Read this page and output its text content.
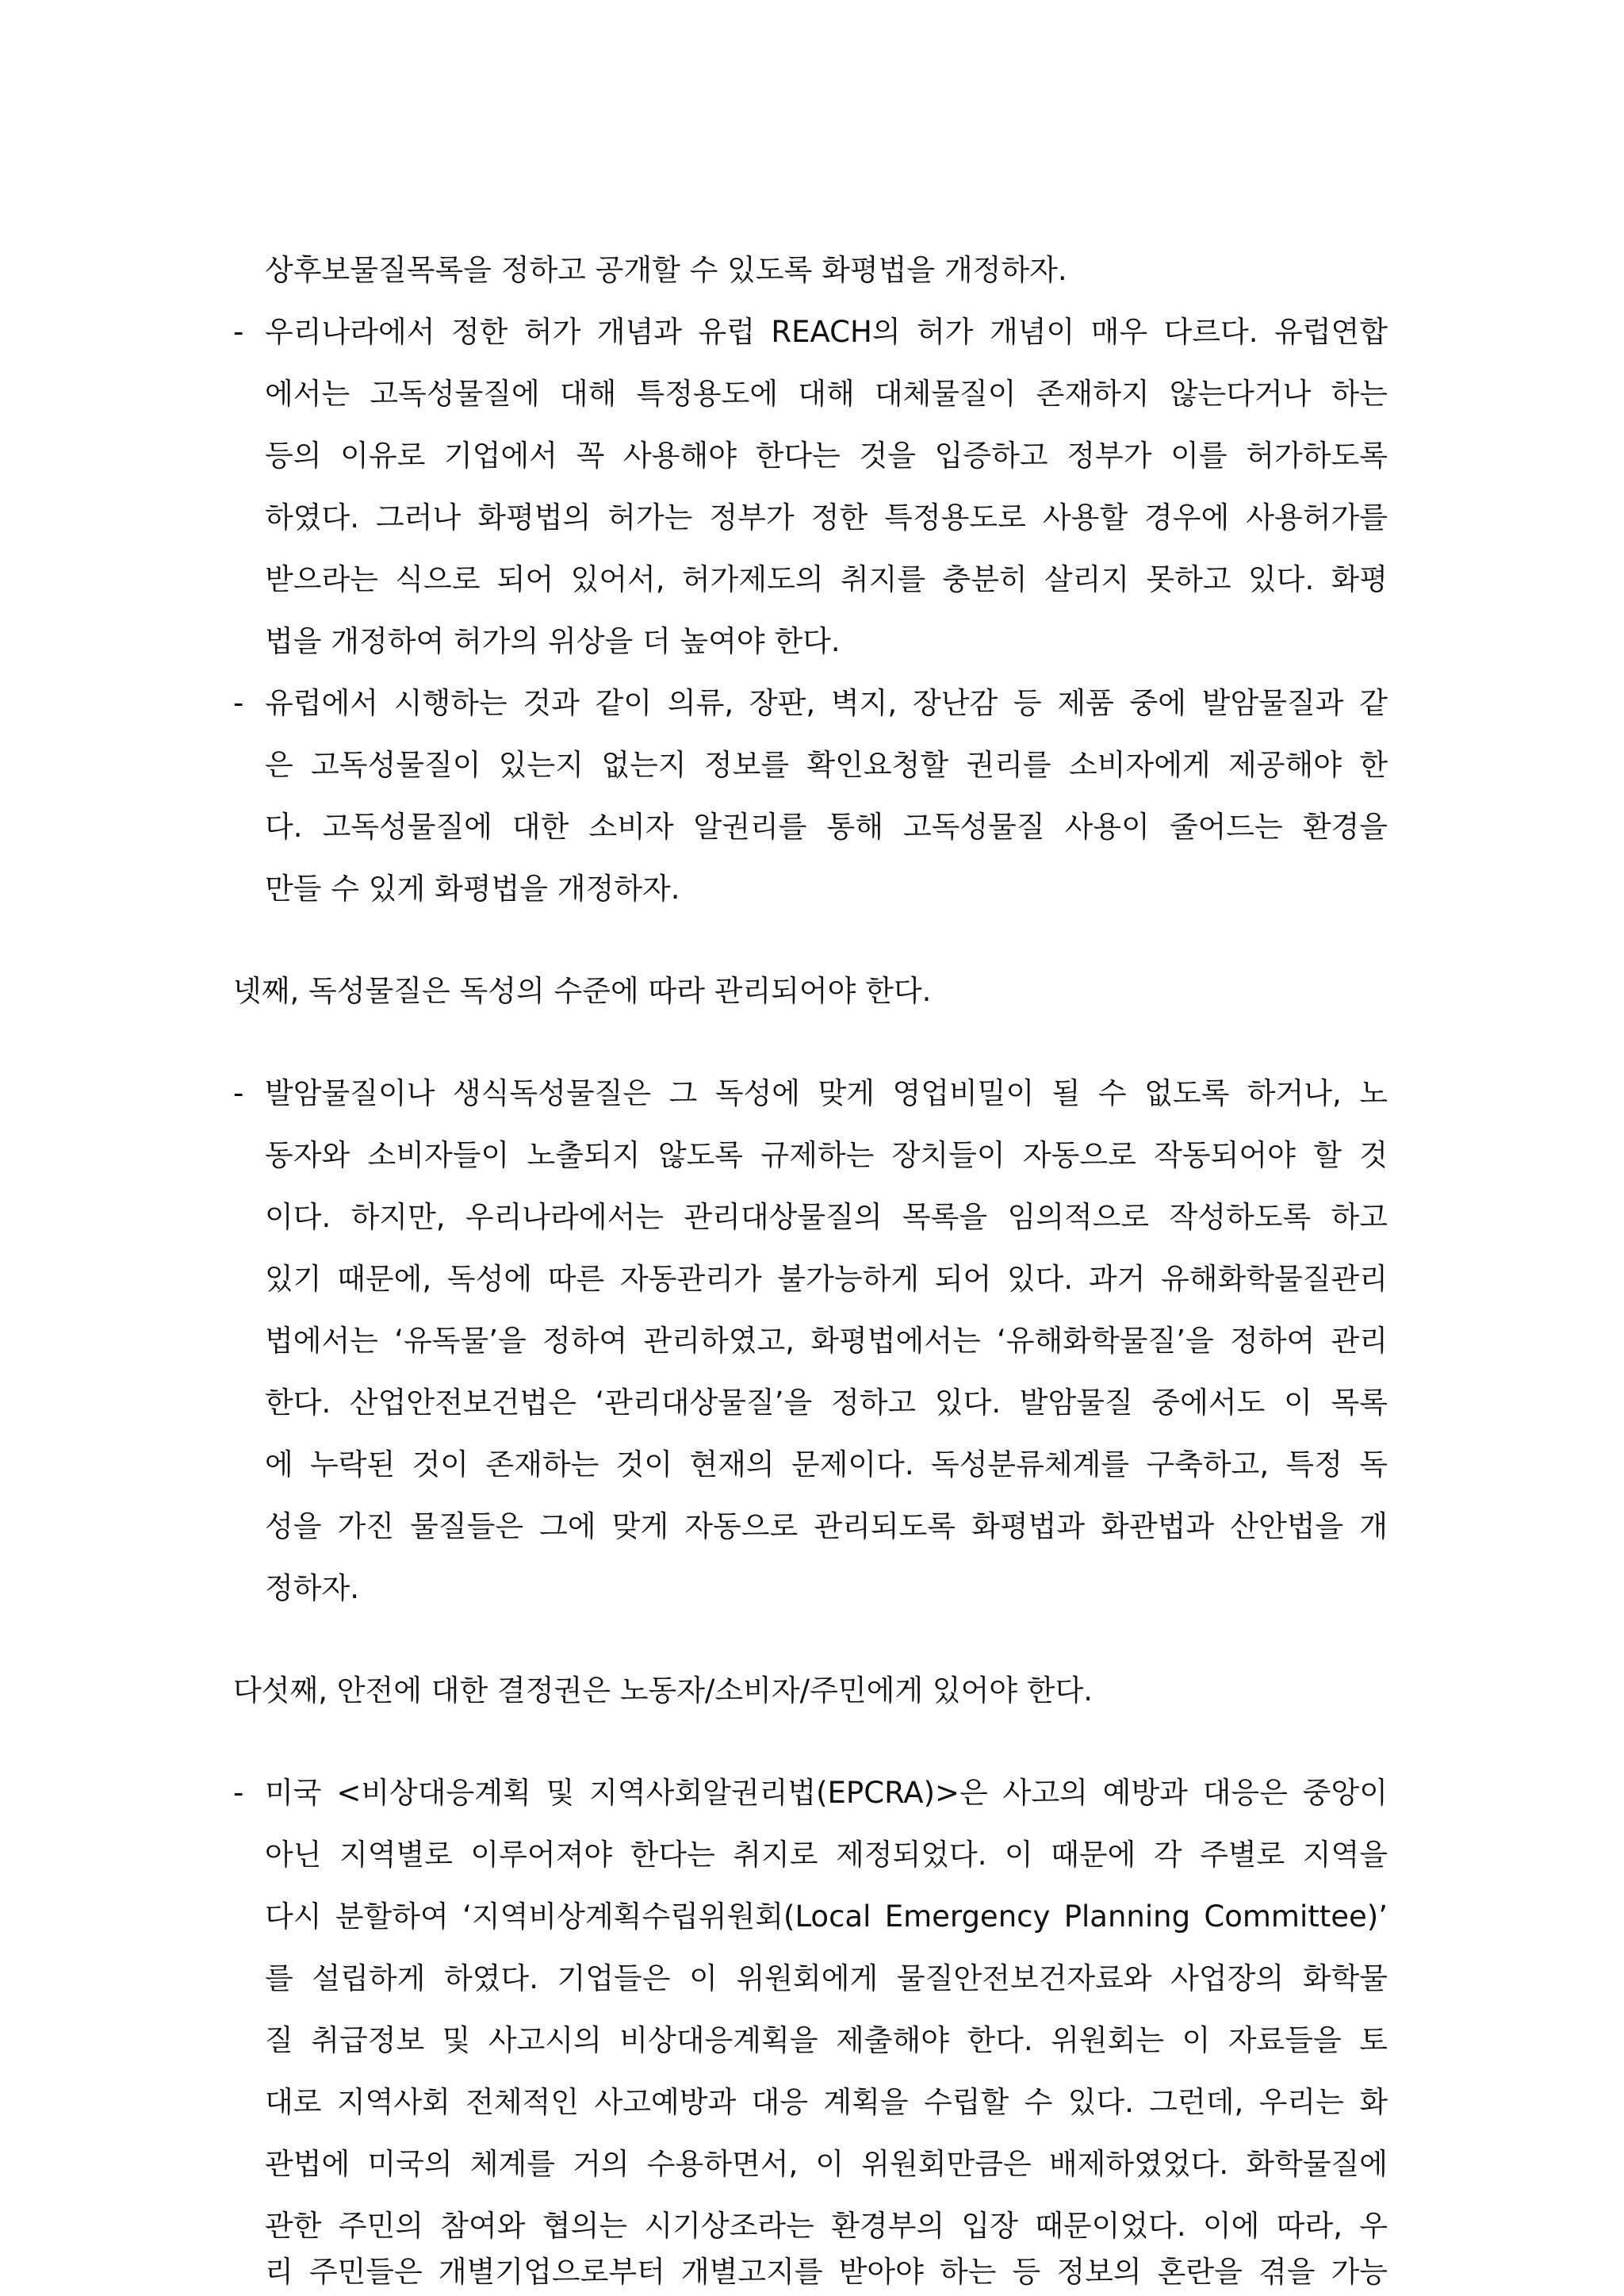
상후보물질목록을 정하고 공개할 수 있도록 화평법을 개정하자.
- 우리나라에서 정한 허가 개념과 유럽 REACH의 허가 개념이 매우 다르다. 유럽연합
에서는 고독성물질에 대해 특정용도에 대해 대체물질이 존재하지 않는다거나 하는
등의 이유로 기업에서 꼭 사용해야 한다는 것을 입증하고 정부가 이를 허가하도록
하였다. 그러나 화평법의 허가는 정부가 정한 특정용도로 사용할 경우에 사용허가를
받으라는 식으로 되어 있어서, 허가제도의 취지를 충분히 살리지 못하고 있다. 화평
법을 개정하여 허가의 위상을 더 높여야 한다.
- 유럽에서 시행하는 것과 같이 의류, 장판, 벽지, 장난감 등 제품 중에 발암물질과 같
은 고독성물질이 있는지 없는지 정보를 확인요청할 권리를 소비자에게 제공해야 한
다. 고독성물질에 대한 소비자 알권리를 통해 고독성물질 사용이 줄어드는 환경을
만들 수 있게 화평법을 개정하자.
넷째, 독성물질은 독성의 수준에 따라 관리되어야 한다.
- 발암물질이나 생식독성물질은 그 독성에 맞게 영업비밀이 될 수 없도록 하거나, 노
동자와 소비자들이 노출되지 않도록 규제하는 장치들이 자동으로 작동되어야 할 것
이다. 하지만, 우리나라에서는 관리대상물질의 목록을 임의적으로 작성하도록 하고
있기 때문에, 독성에 따른 자동관리가 불가능하게 되어 있다. 과거 유해화학물질관리
법에서는 ‘유독물’을 정하여 관리하였고, 화평법에서는 ‘유해화학물질’을 정하여 관리
한다. 산업안전보건법은 ‘관리대상물질’을 정하고 있다. 발암물질 중에서도 이 목록
에 누락된 것이 존재하는 것이 현재의 문제이다. 독성분류체계를 구축하고, 특정 독
성을 가진 물질들은 그에 맞게 자동으로 관리되도록 화평법과 화관법과 산안법을 개
정하자.
다섯째, 안전에 대한 결정권은 노동자/소비자/주민에게 있어야 한다.
- 미국 <비상대응계획 및 지역사회알권리법(EPCRA)>은 사고의 예방과 대응은 중앙이
아닌 지역별로 이루어져야 한다는 취지로 제정되었다. 이 때문에 각 주별로 지역을
다시 분할하여 ‘지역비상계획수립위원회(Local Emergency Planning Committee)’
를 설립하게 하였다. 기업들은 이 위원회에게 물질안전보건자료와 사업장의 화학물
질 취급정보 및 사고시의 비상대응계획을 제출해야 한다. 위원회는 이 자료들을 토
대로 지역사회 전체적인 사고예방과 대응 계획을 수립할 수 있다. 그런데, 우리는 화
관법에 미국의 체계를 거의 수용하면서, 이 위원회만큼은 배제하였었다. 화학물질에
관한 주민의 참여와 협의는 시기상조라는 환경부의 입장 때문이었다. 이에 따라, 우
리 주민들은 개별기업으로부터 개별고지를 받아야 하는 등 정보의 혼란을 겪을 가능
